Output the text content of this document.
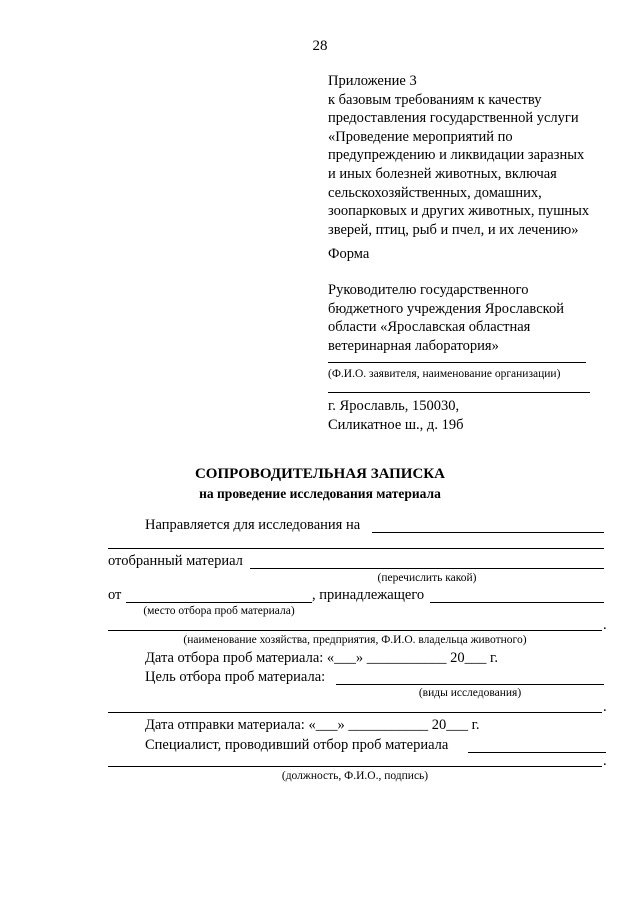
28
Приложение 3
к базовым требованиям к качеству
предоставления государственной услуги
«Проведение мероприятий по
предупреждению и ликвидации заразных
и иных болезней животных, включая
сельскохозяйственных, домашних,
зоопарковых и других животных, пушных
зверей, птиц, рыб и пчел, и их лечению»
Форма
Руководителю государственного
бюджетного учреждения Ярославской
области «Ярославская областная
ветеринарная лаборатория»
(Ф.И.О. заявителя, наименование организации)
г. Ярославль, 150030,
Силикатное ш., д. 19б
СОПРОВОДИТЕЛЬНАЯ ЗАПИСКА
на проведение исследования материала
Направляется для исследования на
отобранный материал
(перечислить какой)
от	, принадлежащего
(место отбора проб материала)
.
(наименование хозяйства, предприятия, Ф.И.О. владельца животного)
Дата отбора проб материала: «___» ___________ 20___ г.
Цель отбора проб материала:
(виды исследования)
.
Дата отправки материала: «___» ___________ 20___ г.
Специалист, проводивший отбор проб материала
.
(должность, Ф.И.О., подпись)
